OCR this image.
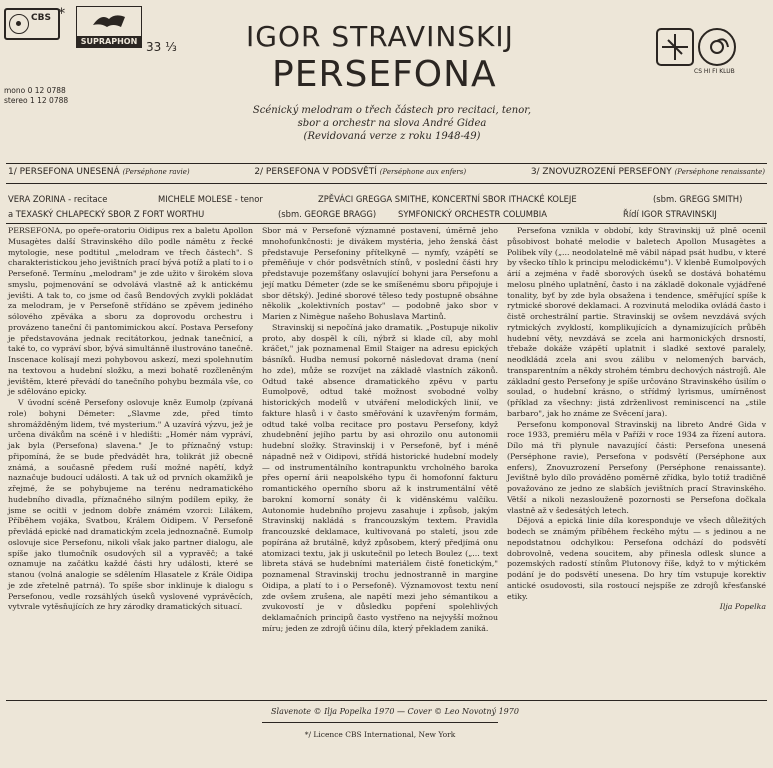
CBS *
SUPRAPHON 33 ⅓
mono 0 12 0788
stereo 1 12 0788
IGOR STRAVINSKIJ
PERSEFONA
Scénický melodram o třech částech pro recitaci, tenor,
sbor a orchestr na slova André Gidea
(Revidovaná verze z roku 1948-49)
CS HI FI KLUB
1/ PERSEFONA UNESENÁ (Perséphone ravie)	2/ PERSEFONA V PODSVĚTÍ (Perséphone aux enfers)	3/ ZNOVUZROZENÍ PERSEFONY (Perséphone renaissante)
VERA ZORINA - recitace	MICHELE MOLESE - tenor	ZPĚVÁCI GREGGA SMITHE, KONCERTNÍ SBOR ITHACKÉ KOLEJE	(sbm. GREGG SMITH)
a TEXASKÝ CHLAPECKÝ SBOR Z FORT WORTHU	(sbm. GEORGE BRAGG)	SYMFONICKÝ ORCHESTR COLUMBIA	Řídí IGOR STRAVINSKIJ

PERSEFONA, po opeře-oratoriu Oidipus rex a baletu Apollon Musagètes další Stravinského dílo podle námětu z řecké mytologie, nese podtitul „melodram ve třech částech". S charakteristickou jeho jevištních prací bývá potíž a platí to i o Persefoně. Termínu „melodram" je zde užito v širokém slova smyslu, pojmenování se odvolává vlastně až k antickému jevišti. A tak to, co jsme od časů Bendových zvykli pokládat za melodram, je v Persefoně střídáno se zpěvem jediného sólového zpěváka a sboru za doprovodu orchestru i provázeno taneční či pantomimickou akcí. Postava Persefony je představována jednak recitátorkou, jednak tanečnicí, a také to, co vypráví sbor, bývá simultánně ilustrováno tanečně. Inscenace kolísají mezi pohybovou askezí, mezi spolehnutím na textovou a hudební složku, a mezi bohatě rozčleněným jevištěm, které převádí do tanečního pohybu bezmála vše, co je sdělováno epicky.

V úvodní scéně Persefony oslovuje kněz Eumolp (zpívaná role) bohyni Démeter: „Slavme zde, před tímto shromážděným lidem, tvé mysterium." A uzavírá výzvu, jež je určena divákům na scéně i v hledišti: „Homér nám vypráví, jak byla (Persefona) slavena." Je to příznačný vstup: připomíná, že se bude předvádět hra, tolikrát již obecně známá, a současně předem ruší možné napětí, když naznačuje budoucí události. A tak už od prvních okamžiků je zřejmé, že se pohybujeme na terénu nedramatického hudebního divadla, příznačného silným podílem epiky, že jsme se ocitli v jednom dobře známém vzorci: Lilákem, Příběhem vojáka, Svatbou, Králem Oidipem. V Persefoně převládá epické nad dramatickým zcela jednoznačně. Eumolp oslovuje sice Persefonu, nikoli však jako partner dialogu, ale spíše jako tlumočník osudových sil a vypravěč; a také oznamuje na začátku každé části hry události, které se stanou (volná analogie se sdělením Hlasatele z Krále Oidipa je zde zřetelně patrná). To spíše sbor inklinuje k dialogu s Persefonou, vedle rozsáhlých úseků vyslovené vyprávěcích, vytvrale vytěsňujících ze hry zárodky dramatických situací.

Sbor má v Persefoně významné postavení, úměrně jeho mnohofunkčnosti: je divákem mystéria, jeho ženská část představuje Persefoniny přítelkyně — nymfy, vzápětí se přeměňuje v chór podsvětních stínů, v poslední části hry představuje pozemšťany oslavující bohyni jara Persefonu a její matku Démeter (zde se ke smíšenému sboru připojuje i sbor dětský). Jediné sborové těleso tedy postupně obsáhne několik „kolektivních postav" — podobně jako sbor v Marien z Nimègue našeho Bohuslava Martinů.

Stravinskij si nepočíná jako dramatik. „Postupuje nikoliv proto, aby dospěl k cíli, nýbrž si klade cíl, aby mohl kráčet," jak poznamenal Emil Staiger na adresu epických básníků. Hudba nemusí pokorně následovat drama (není ho zde), může se rozvíjet na základě vlastních zákonů. Odtud také absence dramatického zpěvu v partu Eumolpově, odtud také možnost svobodné volby historických modelů v utváření melodických linií, ve fakture hlasů i v často směřování k uzavřeným formám, odtud také volba recitace pro postavu Persefony, když zhudebnění jejího partu by asi ohrozilo onu autonomii hudební složky. Stravinskij i v Persefoně, byť i méně nápadně než v Oidipovi, střídá historické hudební modely — od instrumentálního kontrapunktu vrcholného baroka přes operní árii neapolského typu či homofonní fakturu romantického operního sboru až k instrumentální větě barokní komorní sonáty či k viděnskému valčíku. Autonomie hudebního projevu zasahuje i způsob, jakým Stravinskij nakládá s francouzským textem. Pravidla francouzské deklamace, kultivovaná po staletí, jsou zde popírána až brutálně, když způsobem, který předjímá onu atomizaci textu, jak ji uskutečnil po letech Boulez („... text libreta stává se hudebními materiálem čistě fonetickým," poznamenal Stravinskij trochu jednostranně in margine Oidipa, a platí to i o Persefoně). Významovost textu není zde ovšem zrušena, ale napětí mezi jeho sémantikou a zvukovostí je v důsledku popření spolehlivých deklamačních principů často vystřeno na nejvyšší možnou míru; jeden ze zdrojů účinu díla, který překladem zaniká.

Persefona vznikla v období, kdy Stravinskij už plně ocenil působivost bohaté melodie v baletech Apollon Musagètes a Polibek víly („... neodolatelně mě vábil nápad psát hudbu, v které by všecko tíhlo k principu melodickému"). V klenbě Eumolpových árií a zejména v řadě sborových úseků se dostává bohatému melosu plného uplatnění, často i na základě dokonale vyjádřené tonality, byť by zde byla obsažena i tendence, směřující spíše k rytmické sborové deklamaci. A rozvinutá melodika ovládá často i čistě orchestrální partie. Stravinskij se ovšem nevzdává svých rytmických zvyklostí, komplikujících a dynamizujících průběh hudební věty, nevzdává se zcela ani harmonických drsností, třebaže dokáže vzápětí uplatnit i sladké sextové paralely, neodkládá zcela ani svou zálibu v nelomených barvách, transparentním a někdy strohém témbru dechových nástrojů. Ale základní gesto Persefony je spíše určováno Stravinského úsilím o soulad, o hudební krásno, o střídmý lyrismus, umírněnost (příklad za všechny: jistá zdrženlivost reminiscencí na „stile barbaro", jak ho známe ze Svěcení jara).

Persefonu komponoval Stravinskij na libreto André Gida v roce 1933, premiéru měla v Paříži v roce 1934 za řízení autora. Dílo má tři plynule navazující části: Persefona unesená (Perséphone ravie), Persefona v podsvětí (Perséphone aux enfers), Znovuzrození Persefony (Perséphone renaissante). Jevištně bylo dílo prováděno poměrně zřídka, bylo totiž tradičně považováno ze jedno ze slabších jevištních prací Stravinského. Větší a nikoli nezaslouženě pozornosti se Persefona dočkala vlastně až v šedesátých letech.

Dějová a epická linie díla koresponduje ve všech důležitých bodech se známým příběhem řeckého mýtu — s jedinou a ne nepodstatnou odchylkou: Persefona odchází do podsvětí dobrovolně, vedena soucitem, aby přinesla odlesk slunce a pozemských radostí stínům Plutonovy říše, když to v mýtickém podání je do podsvětí unesena. Do hry tím vstupuje korektiv antické osudovosti, sila rostoucí nejspíše ze zdrojů křesťanské etiky.

Ilja Popelka
Slavenote © Ilja Popelka 1970 — Cover © Leo Novotný 1970
*/ Licence CBS International, New York
